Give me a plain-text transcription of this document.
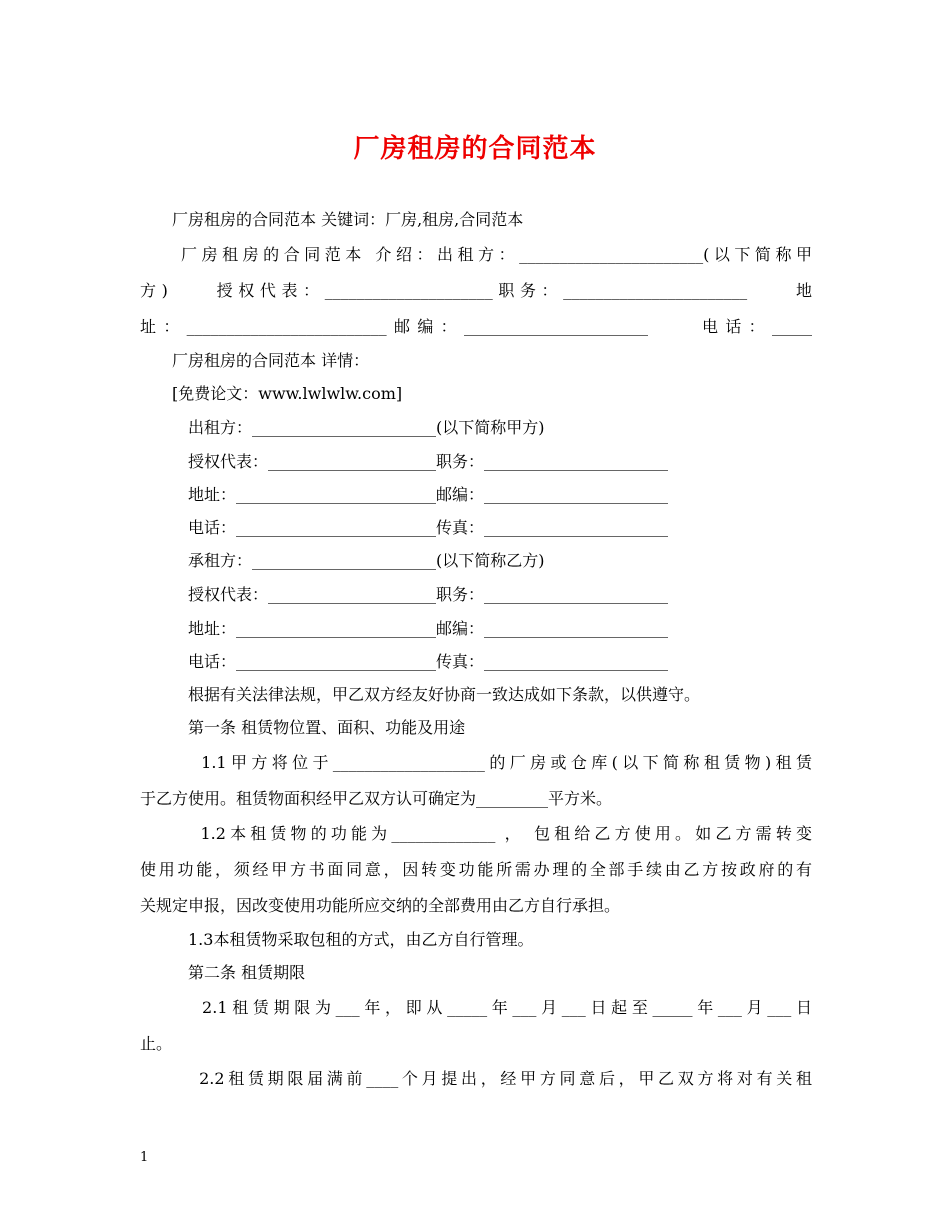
厂房租房的合同范本
　　厂房租房的合同范本 关键词：厂房,租房,合同范本
　　厂房租房的合同范本 介绍：出租方：_______________________(以下简称甲
方)　　授权代表：_____________________职务：_______________________　　地
址：_________________________邮编：_______________________　　电话：_____
　　厂房租房的合同范本 详情：
　　[免费论文：www.lwlwlw.com]
　　　出租方：_______________________(以下简称甲方)
　　　授权代表：_____________________职务：_______________________
　　　地址：_________________________邮编：_______________________
　　　电话：_________________________传真：_______________________
　　　承租方：_______________________(以下简称乙方)
　　　授权代表：_____________________职务：_______________________
　　　地址：_________________________邮编：_______________________
　　　电话：_________________________传真：_______________________
　　　根据有关法律法规，甲乙双方经友好协商一致达成如下条款，以供遵守。
　　　第一条 租赁物位置、面积、功能及用途
　　　1.1甲方将位于___________________的厂房或仓库(以下简称租赁物)租赁
于乙方使用。租赁物面积经甲乙双方认可确定为_________平方米。
　　　1.2本租赁物的功能为_____________ ， 包租给乙方使用。如乙方需转变
使用功能，须经甲方书面同意，因转变功能所需办理的全部手续由乙方按政府的有
关规定申报，因改变使用功能所应交纳的全部费用由乙方自行承担。
　　　1.3本租赁物采取包租的方式，由乙方自行管理。
　　　第二条 租赁期限
　　　2.1租赁期限为___年，即从_____年___月___日起至_____年___月___日
止。
　　　2.2租赁期限届满前____个月提出，经甲方同意后，甲乙双方将对有关租
1
